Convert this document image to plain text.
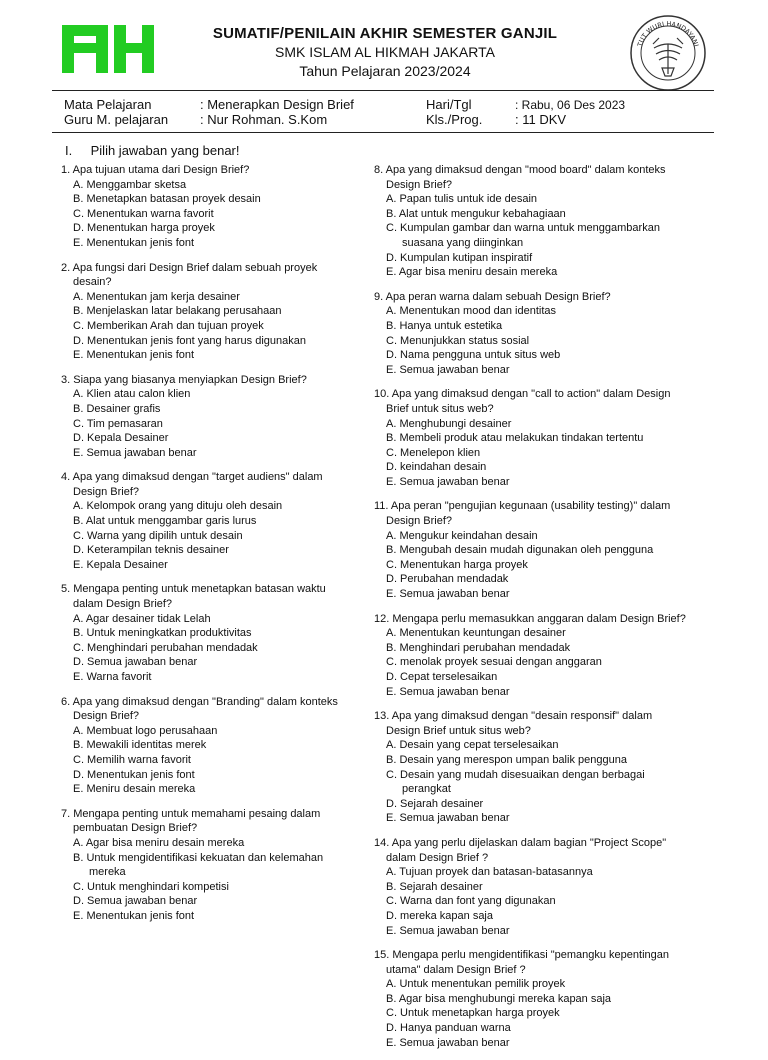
TUT WURI HANDAYANI
SUMATIF/PENILAIN AKHIR SEMESTER GANJIL
SMK ISLAM AL HIKMAH JAKARTA
Tahun Pelajaran 2023/2024
Mata Pelajaran	: Menerapkan Design Brief
Guru M. pelajaran : Nur Rohman. S.Kom
Hari/Tgl	: Rabu, 06 Des 2023
Kls./Prog.	: 11 DKV
I. Pilih jawaban yang benar!
1. Apa tujuan utama dari Design Brief?
A. Menggambar sketsa
B. Menetapkan batasan proyek desain
C. Menentukan warna favorit
D. Menentukan harga proyek
E. Menentukan jenis font
2. Apa fungsi dari Design Brief dalam sebuah proyek
desain?
A. Menentukan jam kerja desainer
B. Menjelaskan latar belakang perusahaan
C. Memberikan Arah dan tujuan proyek
D. Menentukan jenis font yang harus digunakan
E. Menentukan jenis font
3. Siapa yang biasanya menyiapkan Design Brief?
A. Klien atau calon klien
B. Desainer grafis
C. Tim pemasaran
D. Kepala Desainer
E. Semua jawaban benar
4. Apa yang dimaksud dengan "target audiens" dalam
Design Brief?
A. Kelompok orang yang dituju oleh desain
B. Alat untuk menggambar garis lurus
C. Warna yang dipilih untuk desain
D. Keterampilan teknis desainer
E. Kepala Desainer
5. Mengapa penting untuk menetapkan batasan waktu
dalam Design Brief?
A. Agar desainer tidak Lelah
B. Untuk meningkatkan produktivitas
C. Menghindari perubahan mendadak
D. Semua jawaban benar
E. Warna favorit
6. Apa yang dimaksud dengan "Branding" dalam konteks
Design Brief?
A. Membuat logo perusahaan
B. Mewakili identitas merek
C. Memilih warna favorit
D. Menentukan jenis font
E. Meniru desain mereka
7. Mengapa penting untuk memahami pesaing dalam
pembuatan Design Brief?
A. Agar bisa meniru desain mereka
B. Untuk mengidentifikasi kekuatan dan kelemahan
mereka
C. Untuk menghindari kompetisi
D. Semua jawaban benar
E. Menentukan jenis font
8. Apa yang dimaksud dengan "mood board" dalam konteks
Design Brief?
A. Papan tulis untuk ide desain
B. Alat untuk mengukur kebahagiaan
C. Kumpulan gambar dan warna untuk menggambarkan
suasana yang diinginkan
D. Kumpulan kutipan inspiratif
E. Agar bisa meniru desain mereka
9. Apa peran warna dalam sebuah Design Brief?
A. Menentukan mood dan identitas
B. Hanya untuk estetika
C. Menunjukkan status sosial
D. Nama pengguna untuk situs web
E. Semua jawaban benar
10. Apa yang dimaksud dengan "call to action" dalam Design
Brief untuk situs web?
A. Menghubungi desainer
B. Membeli produk atau melakukan tindakan tertentu
C. Menelepon klien
D. keindahan desain
E. Semua jawaban benar
11. Apa peran "pengujian kegunaan (usability testing)" dalam
Design Brief?
A. Mengukur keindahan desain
B. Mengubah desain mudah digunakan oleh pengguna
C. Menentukan harga proyek
D. Perubahan mendadak
E. Semua jawaban benar
12. Mengapa perlu memasukkan anggaran dalam Design Brief?
A. Menentukan keuntungan desainer
B. Menghindari perubahan mendadak
C. menolak proyek sesuai dengan anggaran
D. Cepat terselesaikan
E. Semua jawaban benar
13. Apa yang dimaksud dengan "desain responsif" dalam
Design Brief untuk situs web?
A. Desain yang cepat terselesaikan
B. Desain yang merespon umpan balik pengguna
C. Desain yang mudah disesuaikan dengan berbagai
perangkat
D. Sejarah desainer
E. Semua jawaban benar
14. Apa yang perlu dijelaskan dalam bagian "Project Scope"
dalam Design Brief ?
A. Tujuan proyek dan batasan-batasannya
B. Sejarah desainer
C. Warna dan font yang digunakan
D. mereka kapan saja
E. Semua jawaban benar
15. Mengapa perlu mengidentifikasi "pemangku kepentingan
utama" dalam Design Brief ?
A. Untuk menentukan pemilik proyek
B. Agar bisa menghubungi mereka kapan saja
C. Untuk menetapkan harga proyek
D. Hanya panduan warna
E. Semua jawaban benar
